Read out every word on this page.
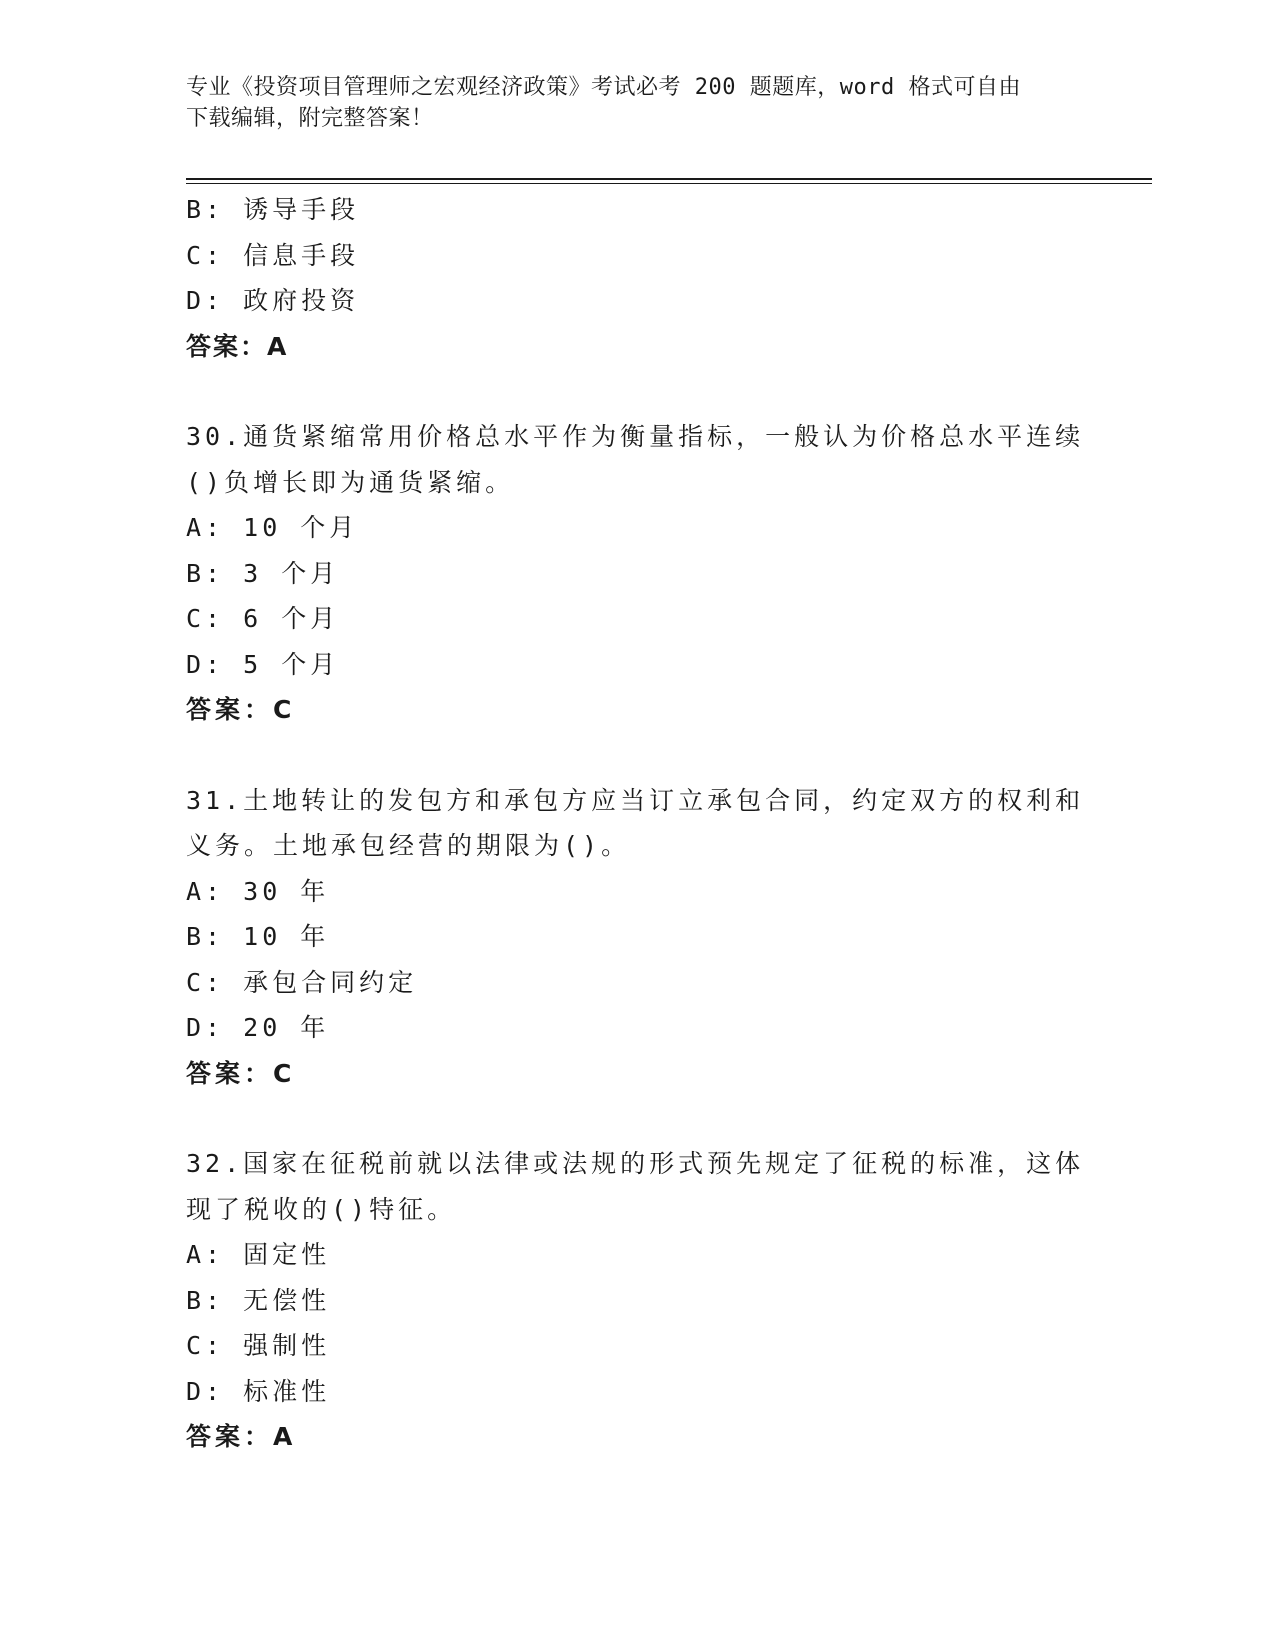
专业《投资项目管理师之宏观经济政策》考试必考 200 题题库，word 格式可自由
下载编辑，附完整答案！
B: 诱导手段
C: 信息手段
D: 政府投资
答案：A
30.通货紧缩常用价格总水平作为衡量指标，一般认为价格总水平连续
()负增长即为通货紧缩。
A: 10 个月
B: 3 个月
C: 6 个月
D: 5 个月
答案：C
31.土地转让的发包方和承包方应当订立承包合同，约定双方的权利和
义务。土地承包经营的期限为()。
A: 30 年
B: 10 年
C: 承包合同约定
D: 20 年
答案：C
32.国家在征税前就以法律或法规的形式预先规定了征税的标准，这体
现了税收的()特征。
A: 固定性
B: 无偿性
C: 强制性
D: 标准性
答案：A
